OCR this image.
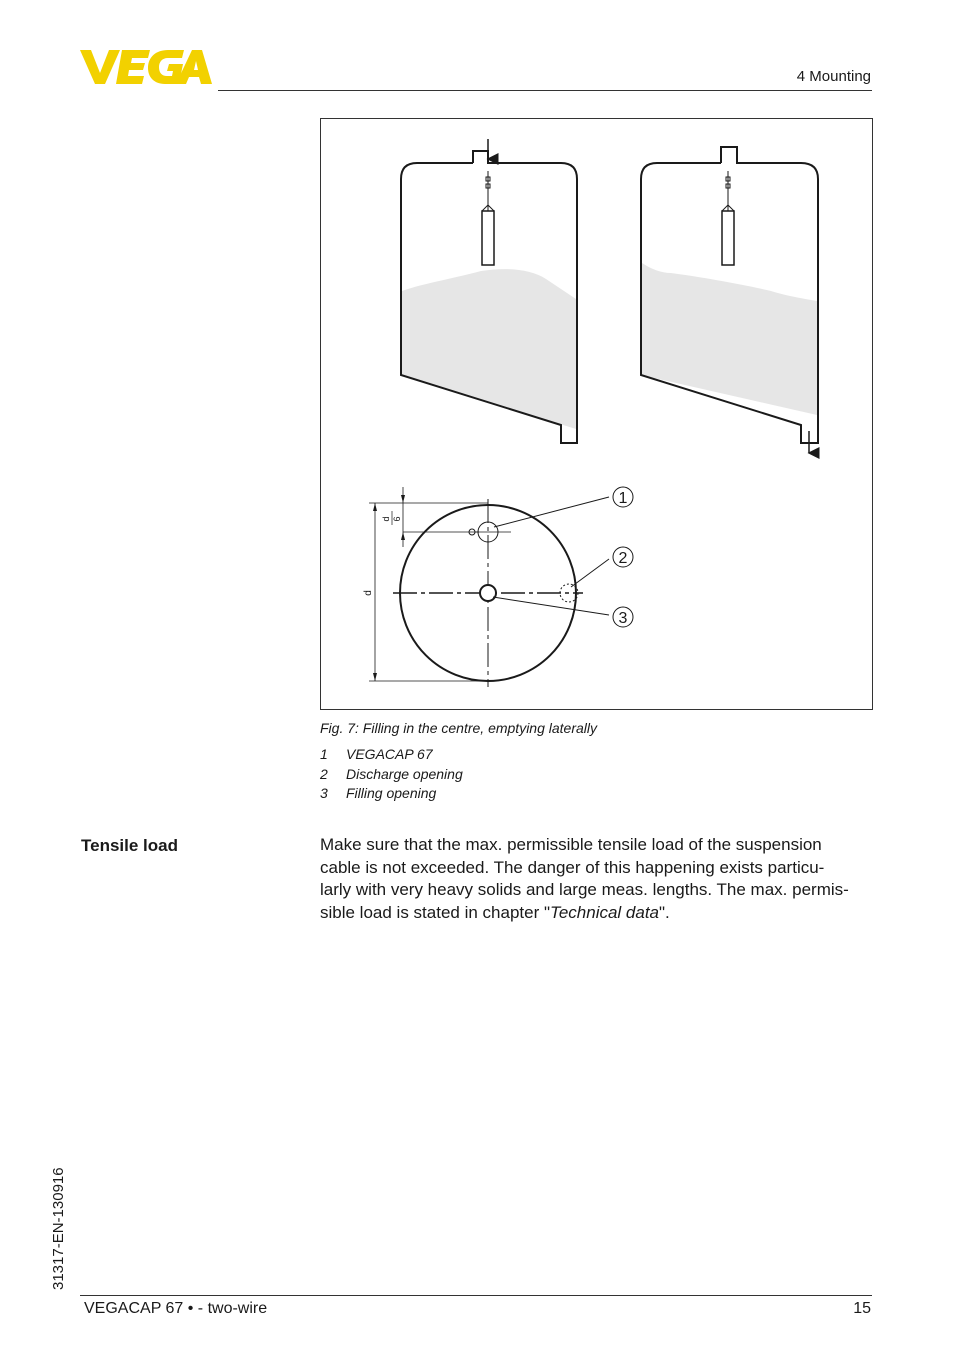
4 Mounting
d
d 6
1
2
3
Fig. 7: Filling in the centre, emptying laterally
1	VEGACAP 67
2	Discharge opening
3	Filling opening
Tensile load	Make sure that the max. permissible tensile load of the suspension
cable is not exceeded. The danger of this happening exists particu-
larly with very heavy solids and large meas. lengths. The max. permis-
sible load is stated in chapter "Technical data".
31317-EN-130916
VEGACAP 67 • - two-wire	15
